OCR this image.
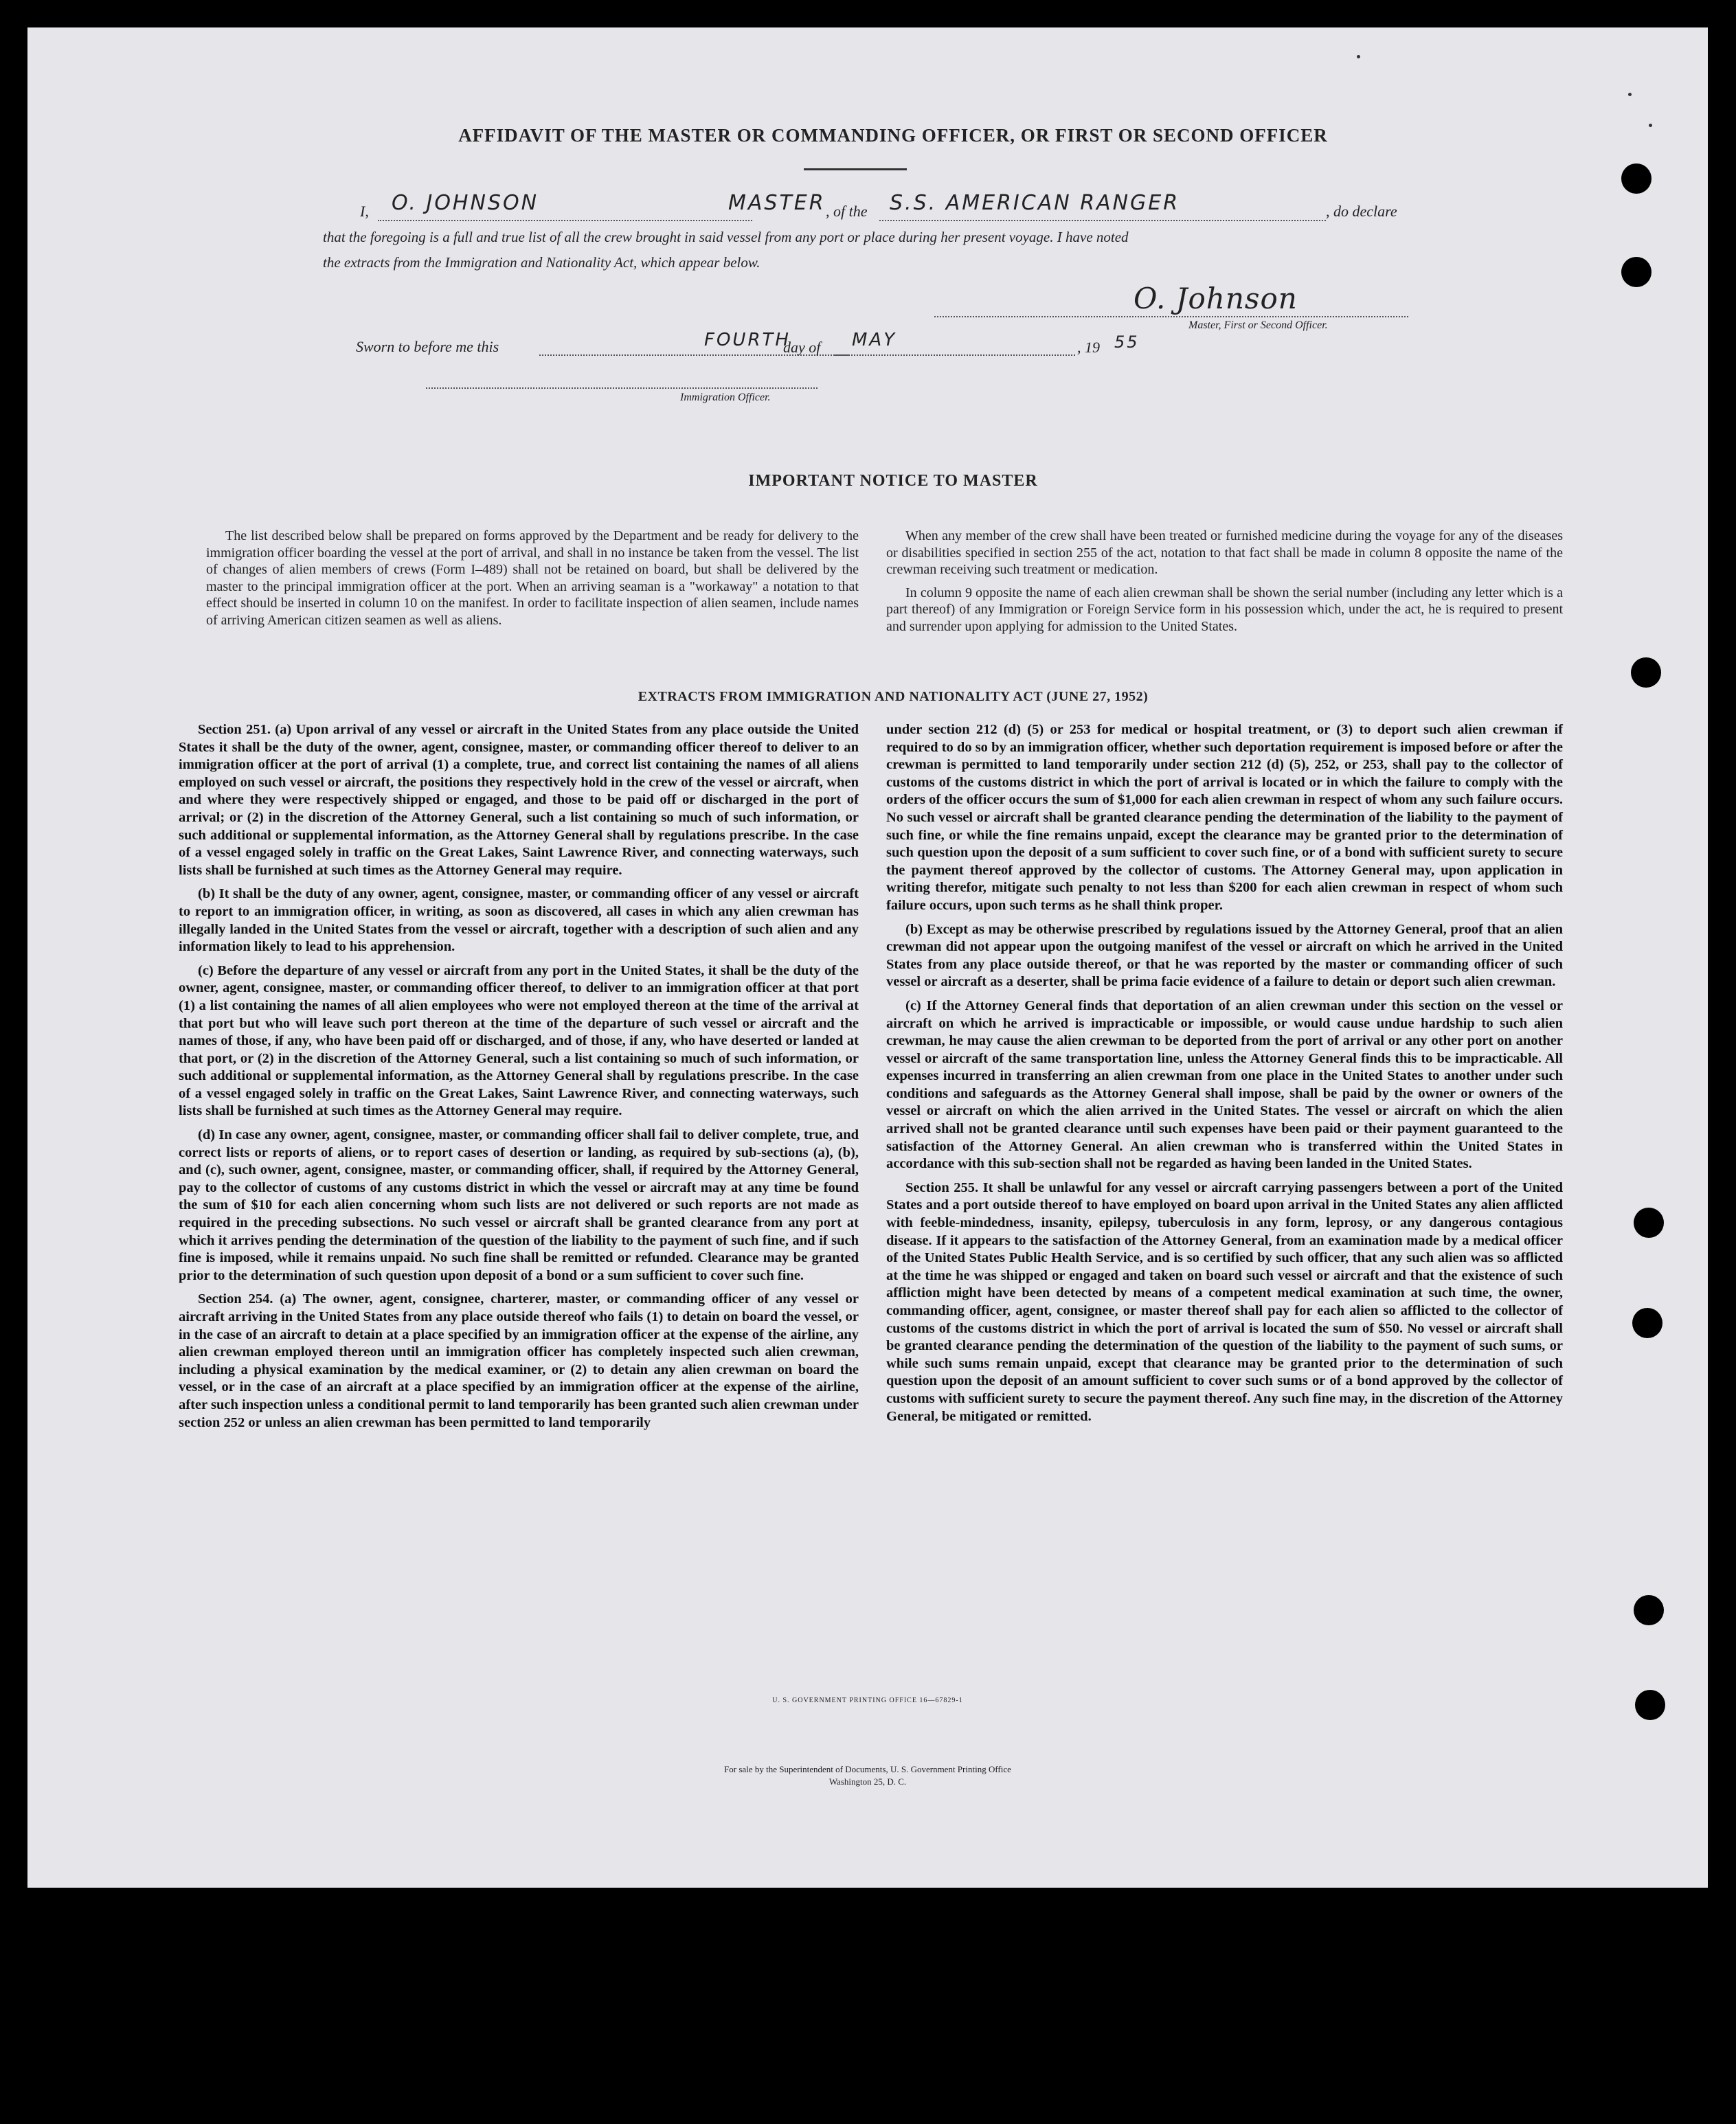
AFFIDAVIT OF THE MASTER OR COMMANDING OFFICER, OR FIRST OR SECOND OFFICER
I, O. JOHNSON	MASTER , of the S.S. AMERICAN RANGER	, do declare
that the foregoing is a full and true list of all the crew brought in said vessel from any port or place during her present voyage. I have noted
the extracts from the Immigration and Nationality Act, which appear below.
O. Johnson
Master, First or Second Officer.
Sworn to before me this	FOURTH
day of MAY	, 19 55
Immigration Officer.
IMPORTANT NOTICE TO MASTER

The list described below shall be prepared on forms approved by the Department and be ready for delivery to the immigration officer boarding the vessel at the port of arrival, and shall in no instance be taken from the vessel. The list of changes of alien members of crews (Form I–489) shall not be retained on board, but shall be delivered by the master to the principal immigration officer at the port. When an arriving seaman is a "workaway" a notation to that effect should be inserted in column 10 on the manifest. In order to facilitate inspection of alien seamen, include names of arriving American citizen seamen as well as aliens.

When any member of the crew shall have been treated or furnished medicine during the voyage for any of the diseases or disabilities specified in section 255 of the act, notation to that fact shall be made in column 8 opposite the name of the crewman receiving such treatment or medication.

In column 9 opposite the name of each alien crewman shall be shown the serial number (including any letter which is a part thereof) of any Immigration or Foreign Service form in his possession which, under the act, he is required to present and surrender upon applying for admission to the United States.

EXTRACTS FROM IMMIGRATION AND NATIONALITY ACT (JUNE 27, 1952)

Section 251. (a) Upon arrival of any vessel or aircraft in the United States from any place outside the United States it shall be the duty of the owner, agent, consignee, master, or commanding officer thereof to deliver to an immigration officer at the port of arrival (1) a complete, true, and correct list containing the names of all aliens employed on such vessel or aircraft, the positions they respectively hold in the crew of the vessel or aircraft, when and where they were respectively shipped or engaged, and those to be paid off or discharged in the port of arrival; or (2) in the discretion of the Attorney General, such a list containing so much of such information, or such additional or supplemental information, as the Attorney General shall by regulations prescribe. In the case of a vessel engaged solely in traffic on the Great Lakes, Saint Lawrence River, and connecting waterways, such lists shall be furnished at such times as the Attorney General may require.

(b) It shall be the duty of any owner, agent, consignee, master, or commanding officer of any vessel or aircraft to report to an immigration officer, in writing, as soon as discovered, all cases in which any alien crewman has illegally landed in the United States from the vessel or aircraft, together with a description of such alien and any information likely to lead to his apprehension.

(c) Before the departure of any vessel or aircraft from any port in the United States, it shall be the duty of the owner, agent, consignee, master, or commanding officer thereof, to deliver to an immigration officer at that port (1) a list containing the names of all alien employees who were not employed thereon at the time of the arrival at that port but who will leave such port thereon at the time of the departure of such vessel or aircraft and the names of those, if any, who have been paid off or discharged, and of those, if any, who have deserted or landed at that port, or (2) in the discretion of the Attorney General, such a list containing so much of such information, or such additional or supplemental information, as the Attorney General shall by regulations prescribe. In the case of a vessel engaged solely in traffic on the Great Lakes, Saint Lawrence River, and connecting waterways, such lists shall be furnished at such times as the Attorney General may require.

(d) In case any owner, agent, consignee, master, or commanding officer shall fail to deliver complete, true, and correct lists or reports of aliens, or to report cases of desertion or landing, as required by sub-sections (a), (b), and (c), such owner, agent, consignee, master, or commanding officer, shall, if required by the Attorney General, pay to the collector of customs of any customs district in which the vessel or aircraft may at any time be found the sum of $10 for each alien concerning whom such lists are not delivered or such reports are not made as required in the preceding subsections. No such vessel or aircraft shall be granted clearance from any port at which it arrives pending the determination of the question of the liability to the payment of such fine, and if such fine is imposed, while it remains unpaid. No such fine shall be remitted or refunded. Clearance may be granted prior to the determination of such question upon deposit of a bond or a sum sufficient to cover such fine.

Section 254. (a) The owner, agent, consignee, charterer, master, or commanding officer of any vessel or aircraft arriving in the United States from any place outside thereof who fails (1) to detain on board the vessel, or in the case of an aircraft to detain at a place specified by an immigration officer at the expense of the airline, any alien crewman employed thereon until an immigration officer has completely inspected such alien crewman, including a physical examination by the medical examiner, or (2) to detain any alien crewman on board the vessel, or in the case of an aircraft at a place specified by an immigration officer at the expense of the airline, after such inspection unless a conditional permit to land temporarily has been granted such alien crewman under section 252 or unless an alien crewman has been permitted to land temporarily

under section 212 (d) (5) or 253 for medical or hospital treatment, or (3) to deport such alien crewman if required to do so by an immigration officer, whether such deportation requirement is imposed before or after the crewman is permitted to land temporarily under section 212 (d) (5), 252, or 253, shall pay to the collector of customs of the customs district in which the port of arrival is located or in which the failure to comply with the orders of the officer occurs the sum of $1,000 for each alien crewman in respect of whom any such failure occurs. No such vessel or aircraft shall be granted clearance pending the determination of the liability to the payment of such fine, or while the fine remains unpaid, except the clearance may be granted prior to the determination of such question upon the deposit of a sum sufficient to cover such fine, or of a bond with sufficient surety to secure the payment thereof approved by the collector of customs. The Attorney General may, upon application in writing therefor, mitigate such penalty to not less than $200 for each alien crewman in respect of whom such failure occurs, upon such terms as he shall think proper.

(b) Except as may be otherwise prescribed by regulations issued by the Attorney General, proof that an alien crewman did not appear upon the outgoing manifest of the vessel or aircraft on which he arrived in the United States from any place outside thereof, or that he was reported by the master or commanding officer of such vessel or aircraft as a deserter, shall be prima facie evidence of a failure to detain or deport such alien crewman.

(c) If the Attorney General finds that deportation of an alien crewman under this section on the vessel or aircraft on which he arrived is impracticable or impossible, or would cause undue hardship to such alien crewman, he may cause the alien crewman to be deported from the port of arrival or any other port on another vessel or aircraft of the same transportation line, unless the Attorney General finds this to be impracticable. All expenses incurred in transferring an alien crewman from one place in the United States to another under such conditions and safeguards as the Attorney General shall impose, shall be paid by the owner or owners of the vessel or aircraft on which the alien arrived in the United States. The vessel or aircraft on which the alien arrived shall not be granted clearance until such expenses have been paid or their payment guaranteed to the satisfaction of the Attorney General. An alien crewman who is transferred within the United States in accordance with this sub-section shall not be regarded as having been landed in the United States.

Section 255. It shall be unlawful for any vessel or aircraft carrying passengers between a port of the United States and a port outside thereof to have employed on board upon arrival in the United States any alien afflicted with feeble-mindedness, insanity, epilepsy, tuberculosis in any form, leprosy, or any dangerous contagious disease. If it appears to the satisfaction of the Attorney General, from an examination made by a medical officer of the United States Public Health Service, and is so certified by such officer, that any such alien was so afflicted at the time he was shipped or engaged and taken on board such vessel or aircraft and that the existence of such affliction might have been detected by means of a competent medical examination at such time, the owner, commanding officer, agent, consignee, or master thereof shall pay for each alien so afflicted to the collector of customs of the customs district in which the port of arrival is located the sum of $50. No vessel or aircraft shall be granted clearance pending the determination of the question of the liability to the payment of such sums, or while such sums remain unpaid, except that clearance may be granted prior to the determination of such question upon the deposit of an amount sufficient to cover such sums or of a bond approved by the collector of customs with sufficient surety to secure the payment thereof. Any such fine may, in the discretion of the Attorney General, be mitigated or remitted.

U. S. GOVERNMENT PRINTING OFFICE 16—67829-1
For sale by the Superintendent of Documents, U. S. Government Printing Office
Washington 25, D. C.
